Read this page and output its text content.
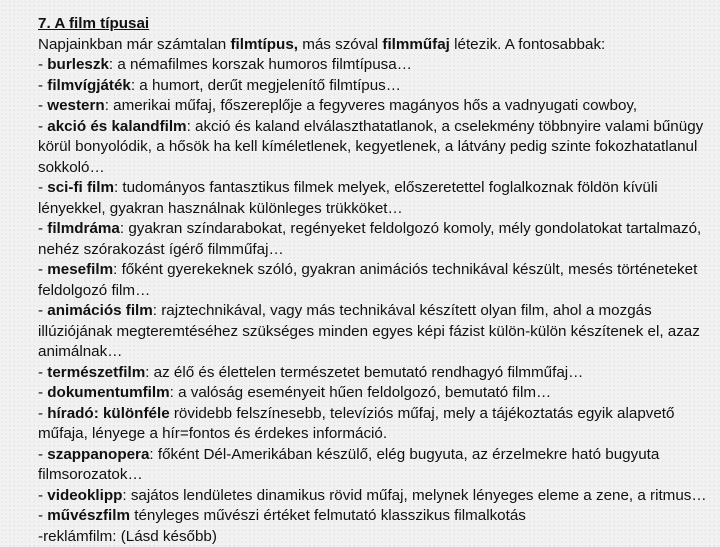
7. A film típusai

Napjainkban már számtalan filmtípus, más szóval filmműfaj létezik. A fontosabbak:

- burleszk: a némafilmes korszak humoros filmtípusa…

- filmvígjáték: a humort, derűt megjelenítő filmtípus…

- western: amerikai műfaj, főszereplője a fegyveres magányos hős a vadnyugati cowboy,

- akció és kalandfilm: akció és kaland elválaszthatatlanok, a cselekmény többnyire valami bűnügy körül bonyolódik, a hősök ha kell kíméletlenek, kegyetlenek, a látvány pedig szinte fokozhatatlanul sokkoló…

- sci-fi film: tudományos fantasztikus filmek melyek, előszeretettel foglalkoznak földön kívüli lényekkel, gyakran használnak különleges trükköket…

- filmdráma: gyakran színdarabokat, regényeket feldolgozó komoly, mély gondolatokat tartalmazó, nehéz szórakozást ígérő filmműfaj…

- mesefilm: főként gyerekeknek szóló, gyakran animációs technikával készült, mesés történeteket feldolgozó film…

- animációs film: rajztechnikával, vagy más technikával készített olyan film, ahol a mozgás illúziójának megteremtéséhez szükséges minden egyes képi fázist külön-külön készítenek el, azaz animálnak…

- természetfilm: az élő és élettelen természetet bemutató rendhagyó filmműfaj…

- dokumentumfilm: a valóság eseményeit hűen feldolgozó, bemutató film…

- híradó: különféle rövidebb felszínesebb, televíziós műfaj, mely a tájékoztatás egyik alapvető műfaja, lényege a hír=fontos és érdekes információ.

- szappanopera: főként Dél-Amerikában készülő, elég bugyuta, az érzelmekre ható bugyuta filmsorozatok…

- videoklipp: sajátos lendületes dinamikus rövid műfaj, melynek lényeges eleme a zene, a ritmus…

- művészfilm tényleges művészi értéket felmutató klasszikus filmalkotás

-reklámfilm: (Lásd később)
